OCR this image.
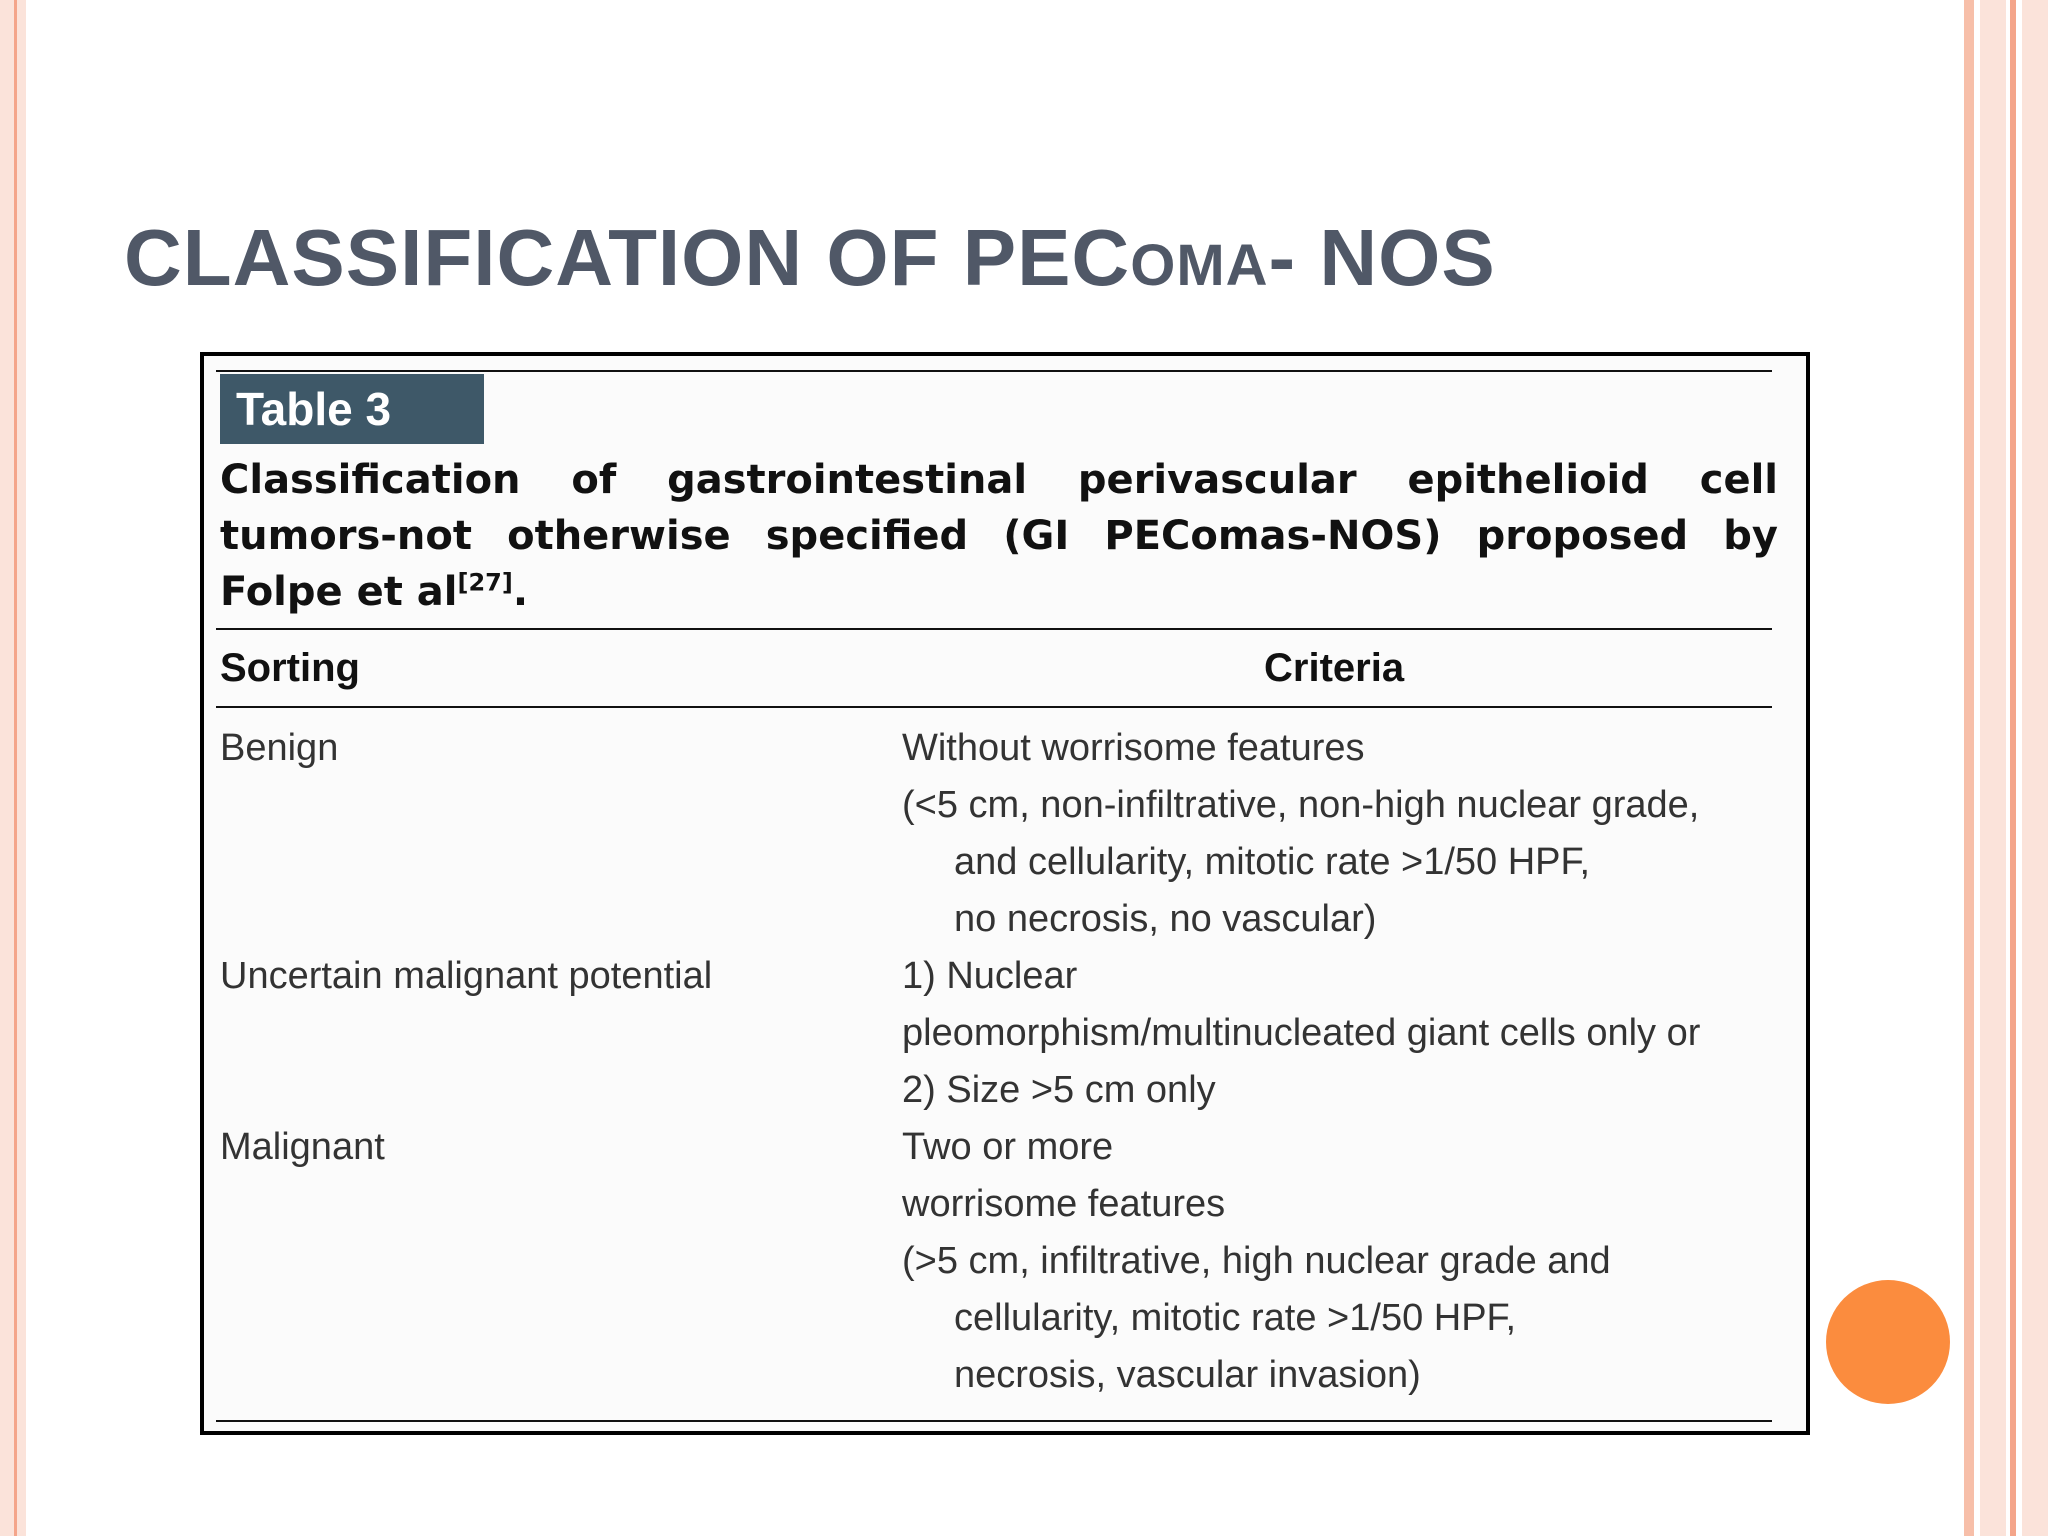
CLASSIFICATION OF PECOMA- NOS
Table 3
Classification of gastrointestinal perivascular epithelioid cell tumors-not otherwise specified (GI PEComas-NOS) proposed by Folpe et al[27].
Sorting	Criteria
Benign	Without worrisome features
(<5 cm, non-infiltrative, non-high nuclear grade,
and cellularity, mitotic rate >1/50 HPF,
no necrosis, no vascular)
Uncertain malignant potential	1) Nuclear
pleomorphism/multinucleated giant cells only or
2) Size >5 cm only
Malignant	Two or more
worrisome features
(>5 cm, infiltrative, high nuclear grade and
cellularity, mitotic rate >1/50 HPF,
necrosis, vascular invasion)
